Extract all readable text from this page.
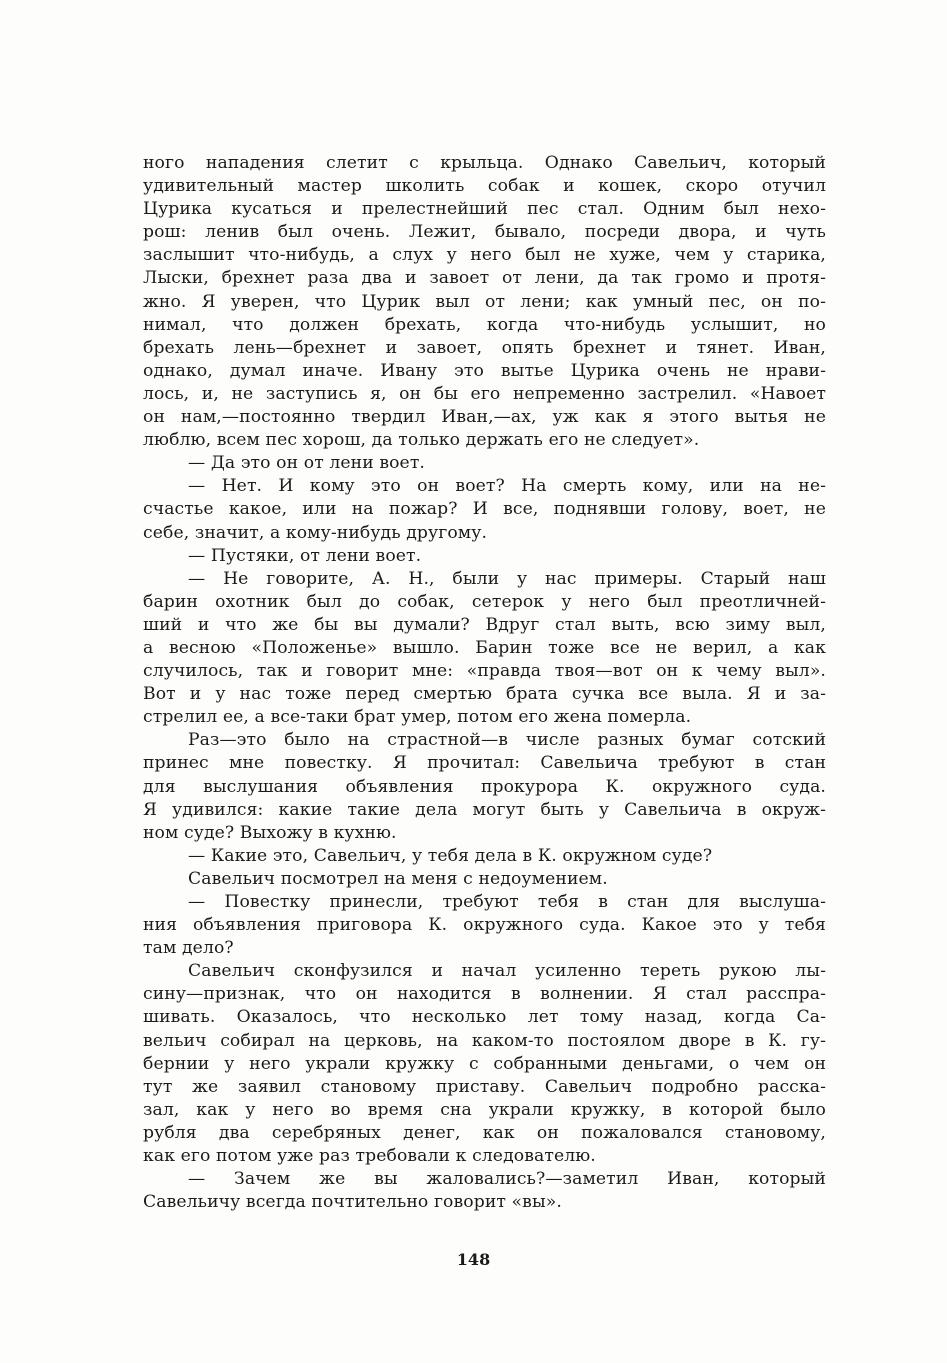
ного нападения слетит с крыльца. Однако Савельич, который
удивительный мастер школить собак и кошек, скоро отучил
Цурика кусаться и прелестнейший пес стал. Одним был нехо-
рош: ленив был очень. Лежит, бывало, посреди двора, и чуть
заслышит что-нибудь, а слух у него был не хуже, чем у старика,
Лыски, брехнет раза два и завоет от лени, да так громо и протя-
жно. Я уверен, что Цурик выл от лени; как умный пес, он по-
нимал, что должен брехать, когда что-нибудь услышит, но
брехать лень—брехнет и завоет, опять брехнет и тянет. Иван,
однако, думал иначе. Ивану это вытье Цурика очень не нрави-
лось, и, не заступись я, он бы его непременно застрелил. «Навоет
он нам,—постоянно твердил Иван,—ах, уж как я этого вытья не
люблю, всем пес хорош, да только держать его не следует».
— Да это он от лени воет.
— Нет. И кому это он воет? На смерть кому, или на не-
счастье какое, или на пожар? И все, поднявши голову, воет, не
себе, значит, а кому-нибудь другому.
— Пустяки, от лени воет.
— Не говорите, А. Н., были у нас примеры. Старый наш
барин охотник был до собак, сетерок у него был преотличней-
ший и что же бы вы думали? Вдруг стал выть, всю зиму выл,
а весною «Положенье» вышло. Барин тоже все не верил, а как
случилось, так и говорит мне: «правда твоя—вот он к чему выл».
Вот и у нас тоже перед смертью брата сучка все выла. Я и за-
стрелил ее, а все-таки брат умер, потом его жена померла.
Раз—это было на страстной—в числе разных бумаг сотский
принес мне повестку. Я прочитал: Савельича требуют в стан
для выслушания объявления прокурора К. окружного суда.
Я удивился: какие такие дела могут быть у Савельича в окруж-
ном суде? Выхожу в кухню.
— Какие это, Савельич, у тебя дела в К. окружном суде?
Савельич посмотрел на меня с недоумением.
— Повестку принесли, требуют тебя в стан для выслуша-
ния объявления приговора К. окружного суда. Какое это у тебя
там дело?
Савельич сконфузился и начал усиленно тереть рукою лы-
сину—признак, что он находится в волнении. Я стал расспра-
шивать. Оказалось, что несколько лет тому назад, когда Са-
вельич собирал на церковь, на каком-то постоялом дворе в К. гу-
бернии у него украли кружку с собранными деньгами, о чем он
тут же заявил становому приставу. Савельич подробно расска-
зал, как у него во время сна украли кружку, в которой было
рубля два серебряных денег, как он пожаловался становому,
как его потом уже раз требовали к следователю.
— Зачем же вы жаловались?—заметил Иван, который
Савельичу всегда почтительно говорит «вы».
148
